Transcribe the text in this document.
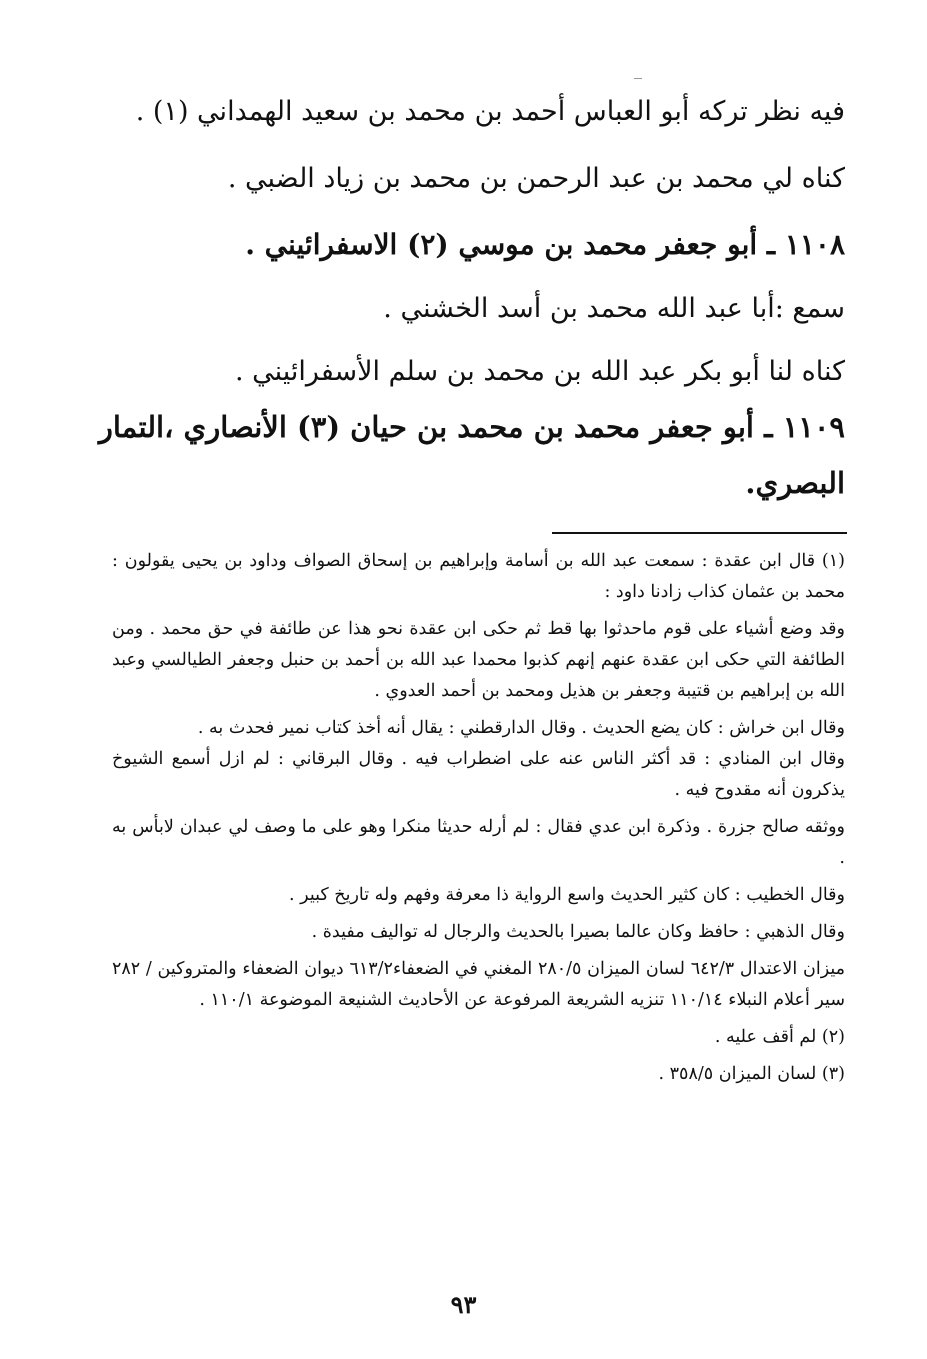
فيه نظر تركه أبو العباس أحمد بن محمد بن سعيد الهمداني (١) .
كناه لي محمد بن عبد الرحمن بن محمد بن زياد الضبي .
١١٠٨ ـ أبو جعفر محمد بن موسي (٢) الاسفرائيني .
سمع :أبا عبد الله محمد بن أسد الخشني .
كناه لنا أبو بكر عبد الله بن محمد بن سلم الأسفرائيني .
١١٠٩ ـ أبو جعفر محمد بن محمد بن حيان (٣) الأنصاري ،التمار
البصري.

(١) قال ابن عقدة : سمعت عبد الله بن أسامة وإبراهيم بن إسحاق الصواف وداود بن يحيى يقولون : محمد بن عثمان كذاب زادنا داود :

وقد وضع أشياء على قوم ماحدثوا بها قط ثم حكى ابن عقدة نحو هذا عن طائفة في حق محمد . ومن الطائفة التي حكى ابن عقدة عنهم إنهم كذبوا محمدا عبد الله بن أحمد بن حنبل وجعفر الطيالسي وعبد الله بن إبراهيم بن قتيبة وجعفر بن هذيل ومحمد بن أحمد العدوي .

وقال ابن خراش : كان يضع الحديث . وقال الدارقطني : يقال أنه أخذ كتاب نمير فحدث به .

وقال ابن المنادي : قد أكثر الناس عنه على اضطراب فيه . وقال البرقاني : لم ازل أسمع الشيوخ يذكرون أنه مقدوح فيه .

ووثقه صالح جزرة . وذكرة ابن عدي فقال : لم أرله حديثا منكرا وهو على ما وصف لي عبدان لابأس به .

وقال الخطيب : كان كثير الحديث واسع الرواية ذا معرفة وفهم وله تاريخ كبير .

وقال الذهبي : حافظ وكان عالما بصيرا بالحديث والرجال له تواليف مفيدة .

ميزان الاعتدال ٦٤٢/٣ لسان الميزان ٢٨٠/٥ المغني في الضعفاء٦١٣/٢ ديوان الضعفاء والمتروكين / ٢٨٢ سير أعلام النبلاء ١١٠/١٤ تنزيه الشريعة المرفوعة عن الأحاديث الشنيعة الموضوعة ١١٠/١ .

(٢) لم أقف عليه .

(٣) لسان الميزان ٣٥٨/٥ .

٩٣
